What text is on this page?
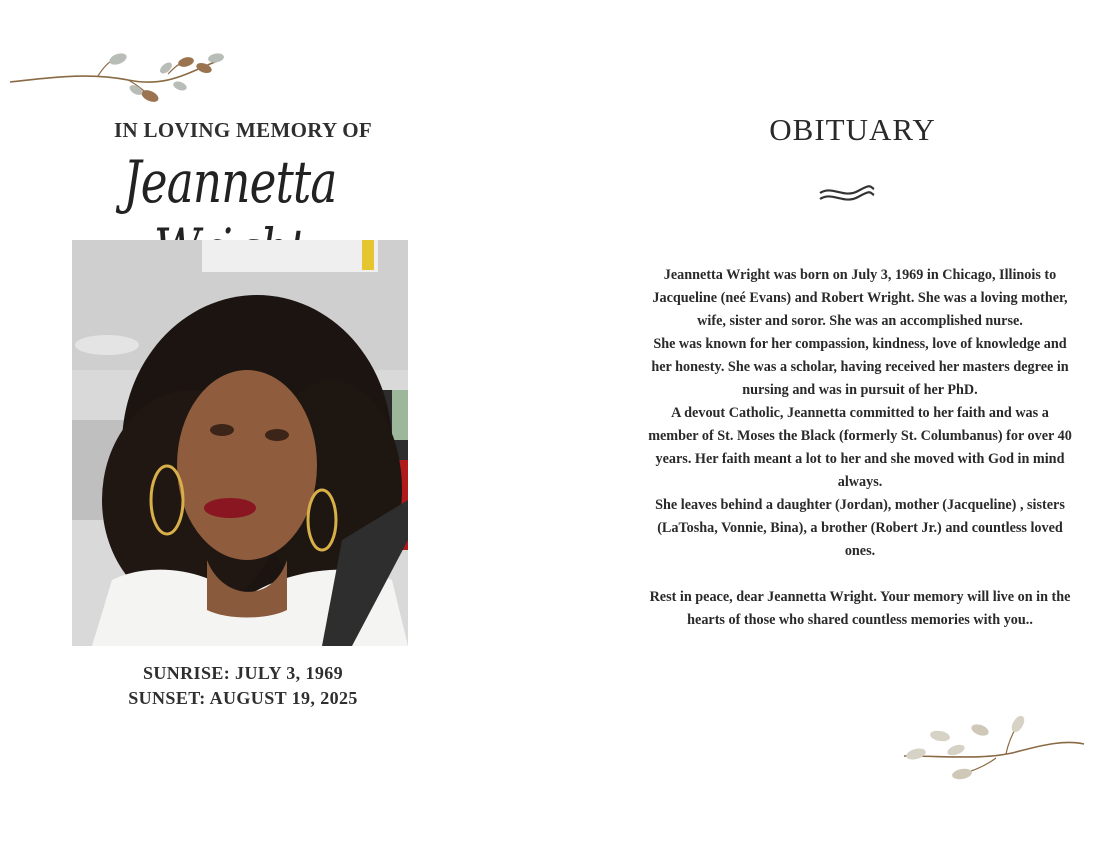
IN LOVING MEMORY OF
Jeannetta
SUNRISE: JULY 3, 1969
SUNSET: AUGUST 19, 2025
OBITUARY

Jeannetta Wright was born on July 3, 1969 in Chicago, Illinois to Jacqueline (neé Evans) and Robert Wright. She was a loving mother, wife, sister and soror. She was an accomplished nurse.

She was known for her compassion, kindness, love of knowledge and her honesty. She was a scholar, having received her masters degree in nursing and was in pursuit of her PhD.

A devout Catholic, Jeannetta committed to her faith and was a member of St. Moses the Black (formerly St. Columbanus) for over 40 years. Her faith meant a lot to her and she moved with God in mind always.

She leaves behind a daughter (Jordan), mother (Jacqueline) , sisters (LaTosha, Vonnie, Bina), a brother (Robert Jr.) and countless loved ones.

Rest in peace, dear Jeannetta Wright. Your memory will live on in the hearts of those who shared countless memories with you..
